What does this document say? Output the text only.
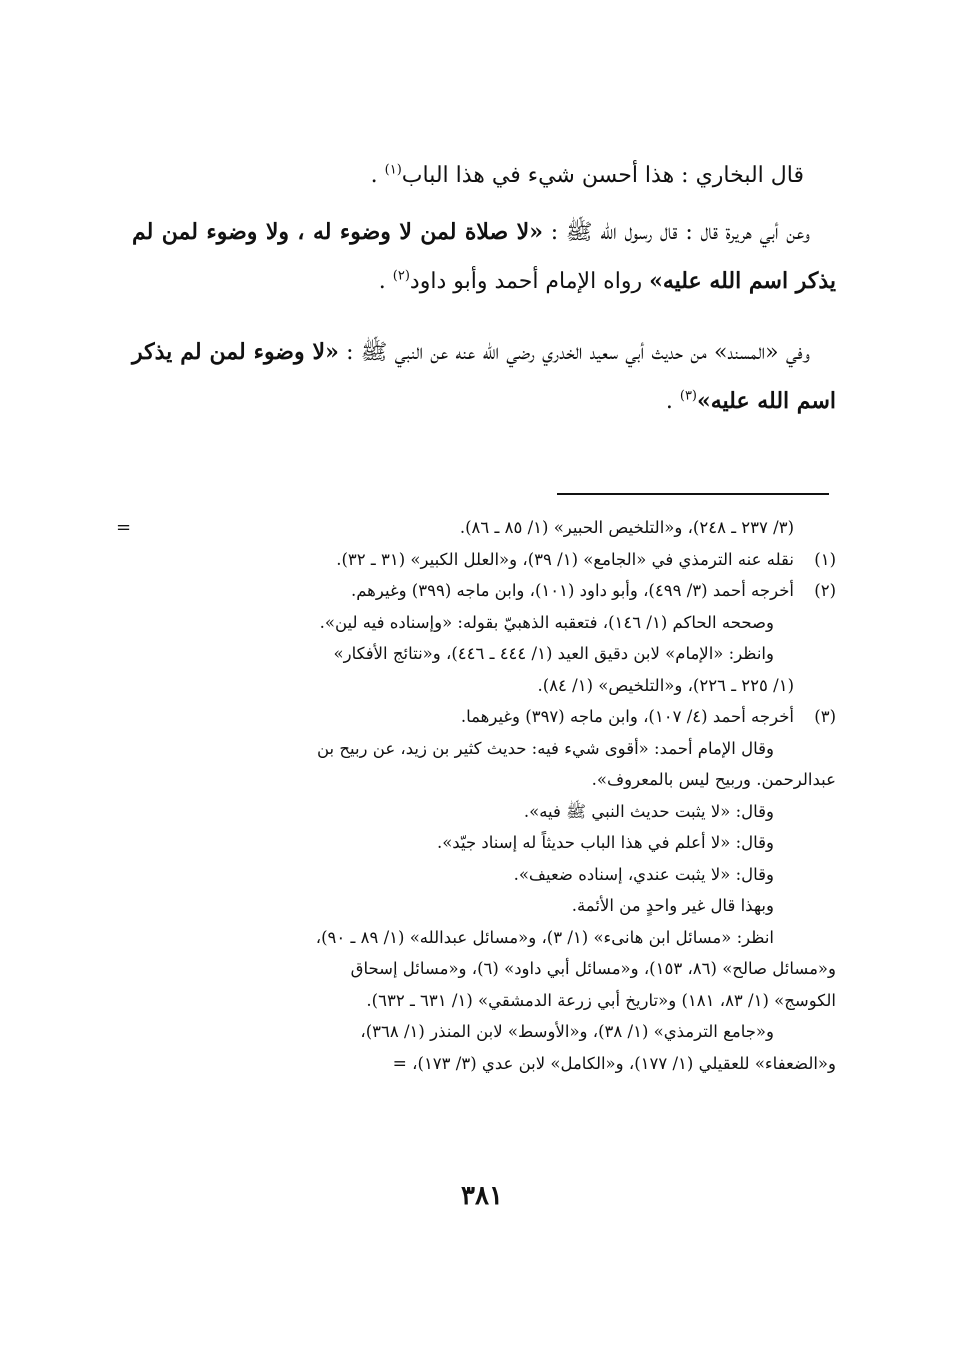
قال البخاري : هذا أحسن شيء في هذا الباب$^{(١)}$ .

وعن أبي هريرة قال : قال رسول الله ﷺ : «لا صلاة لمن لا وضوء له ، ولا وضوء لمن لم يذكر اسم الله عليه» رواه الإمام أحمد وأبو داود$^{(٢)}$ .

وفي «المسند» من حديث أبي سعيد الخدري رضي الله عنه عن النبي ﷺ : «لا وضوء لمن لم يذكر اسم الله عليه»$^{(٣)}$ .

=	(٣/ ٢٣٧ ـ ٢٤٨)، و«التلخيص الحبير» (١/ ٨٥ ـ ٨٦).

(١)نقله عنه الترمذي في «الجامع» (١/ ٣٩)، و«العلل الكبير» (٣١ ـ ٣٢).

(٢)أخرجه أحمد (٣/ ٤٩٩)، وأبو داود (١٠١)، وابن ماجه (٣٩٩) وغيرهم.

وصححه الحاكم (١/ ١٤٦)، فتعقبه الذهبيّ بقوله: «وإسناده فيه لين».

وانظر: «الإمام» لابن دقيق العيد (١/ ٤٤٤ ـ ٤٤٦)، و«نتائج الأفكار»

(١/ ٢٢٥ ـ ٢٢٦)، و«التلخيص» (١/ ٨٤).

(٣)أخرجه أحمد (٤/ ١٠٧)، وابن ماجه (٣٩٧) وغيرهما.

وقال الإمام أحمد: «أقوى شيء فيه: حديث كثير بن زيد، عن ربيح بن

عبدالرحمن. وربيح ليس بالمعروف».

وقال: «لا يثبت حديث النبي ﷺ فيه».

وقال: «لا أعلم في هذا الباب حديثاً له إسناد جيّد».

وقال: «لا يثبت عندي، إسناده ضعيف».

وبهذا قال غير واحدٍ من الأئمة.

انظر: «مسائل ابن هانىء» (١/ ٣)، و«مسائل عبدالله» (١/ ٨٩ ـ ٩٠)،

و«مسائل صالح» (٨٦، ١٥٣)، و«مسائل أبي داود» (٦)، و«مسائل إسحاق

الكوسج» (١/ ٨٣، ١٨١) و«تاريخ أبي زرعة الدمشقي» (١/ ٦٣١ ـ ٦٣٢).

و«جامع الترمذي» (١/ ٣٨)، و«الأوسط» لابن المنذر (١/ ٣٦٨)،

و«الضعفاء» للعقيلي (١/ ١٧٧)، و«الكامل» لابن عدي (٣/ ١٧٣)، =

٣٨١
